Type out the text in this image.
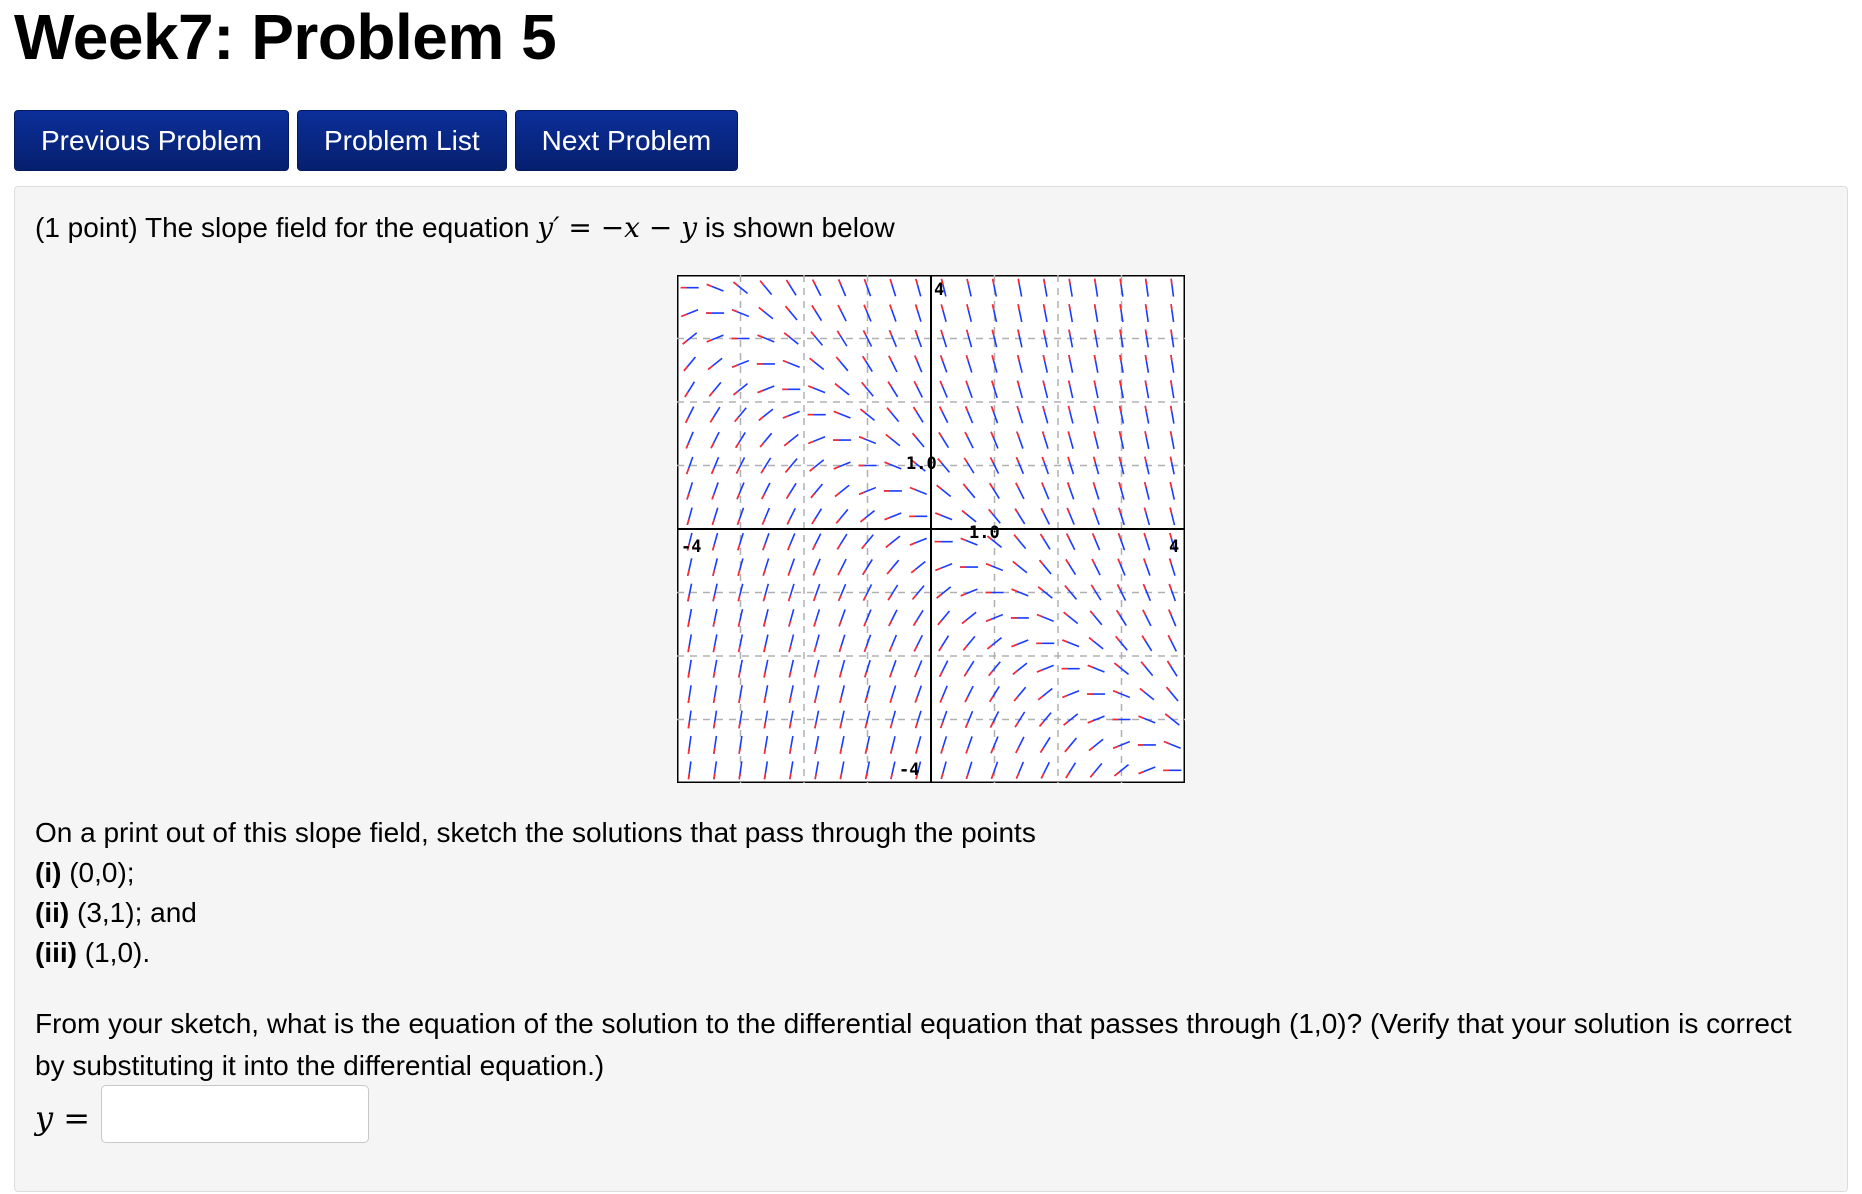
Week7: Problem 5
Previous Problem	Problem List	Next Problem
(1 point) The slope field for the equation y′ = −x − y is shown below
-4	4
4
-4
1.0
1.0
On a print out of this slope field, sketch the solutions that pass through the points
(i) (0,0);
(ii) (3,1); and
(iii) (1,0).
From your sketch, what is the equation of the solution to the differential equation that passes through (1,0)? (Verify that your solution is correct by substituting it into the differential equation.)
y =
